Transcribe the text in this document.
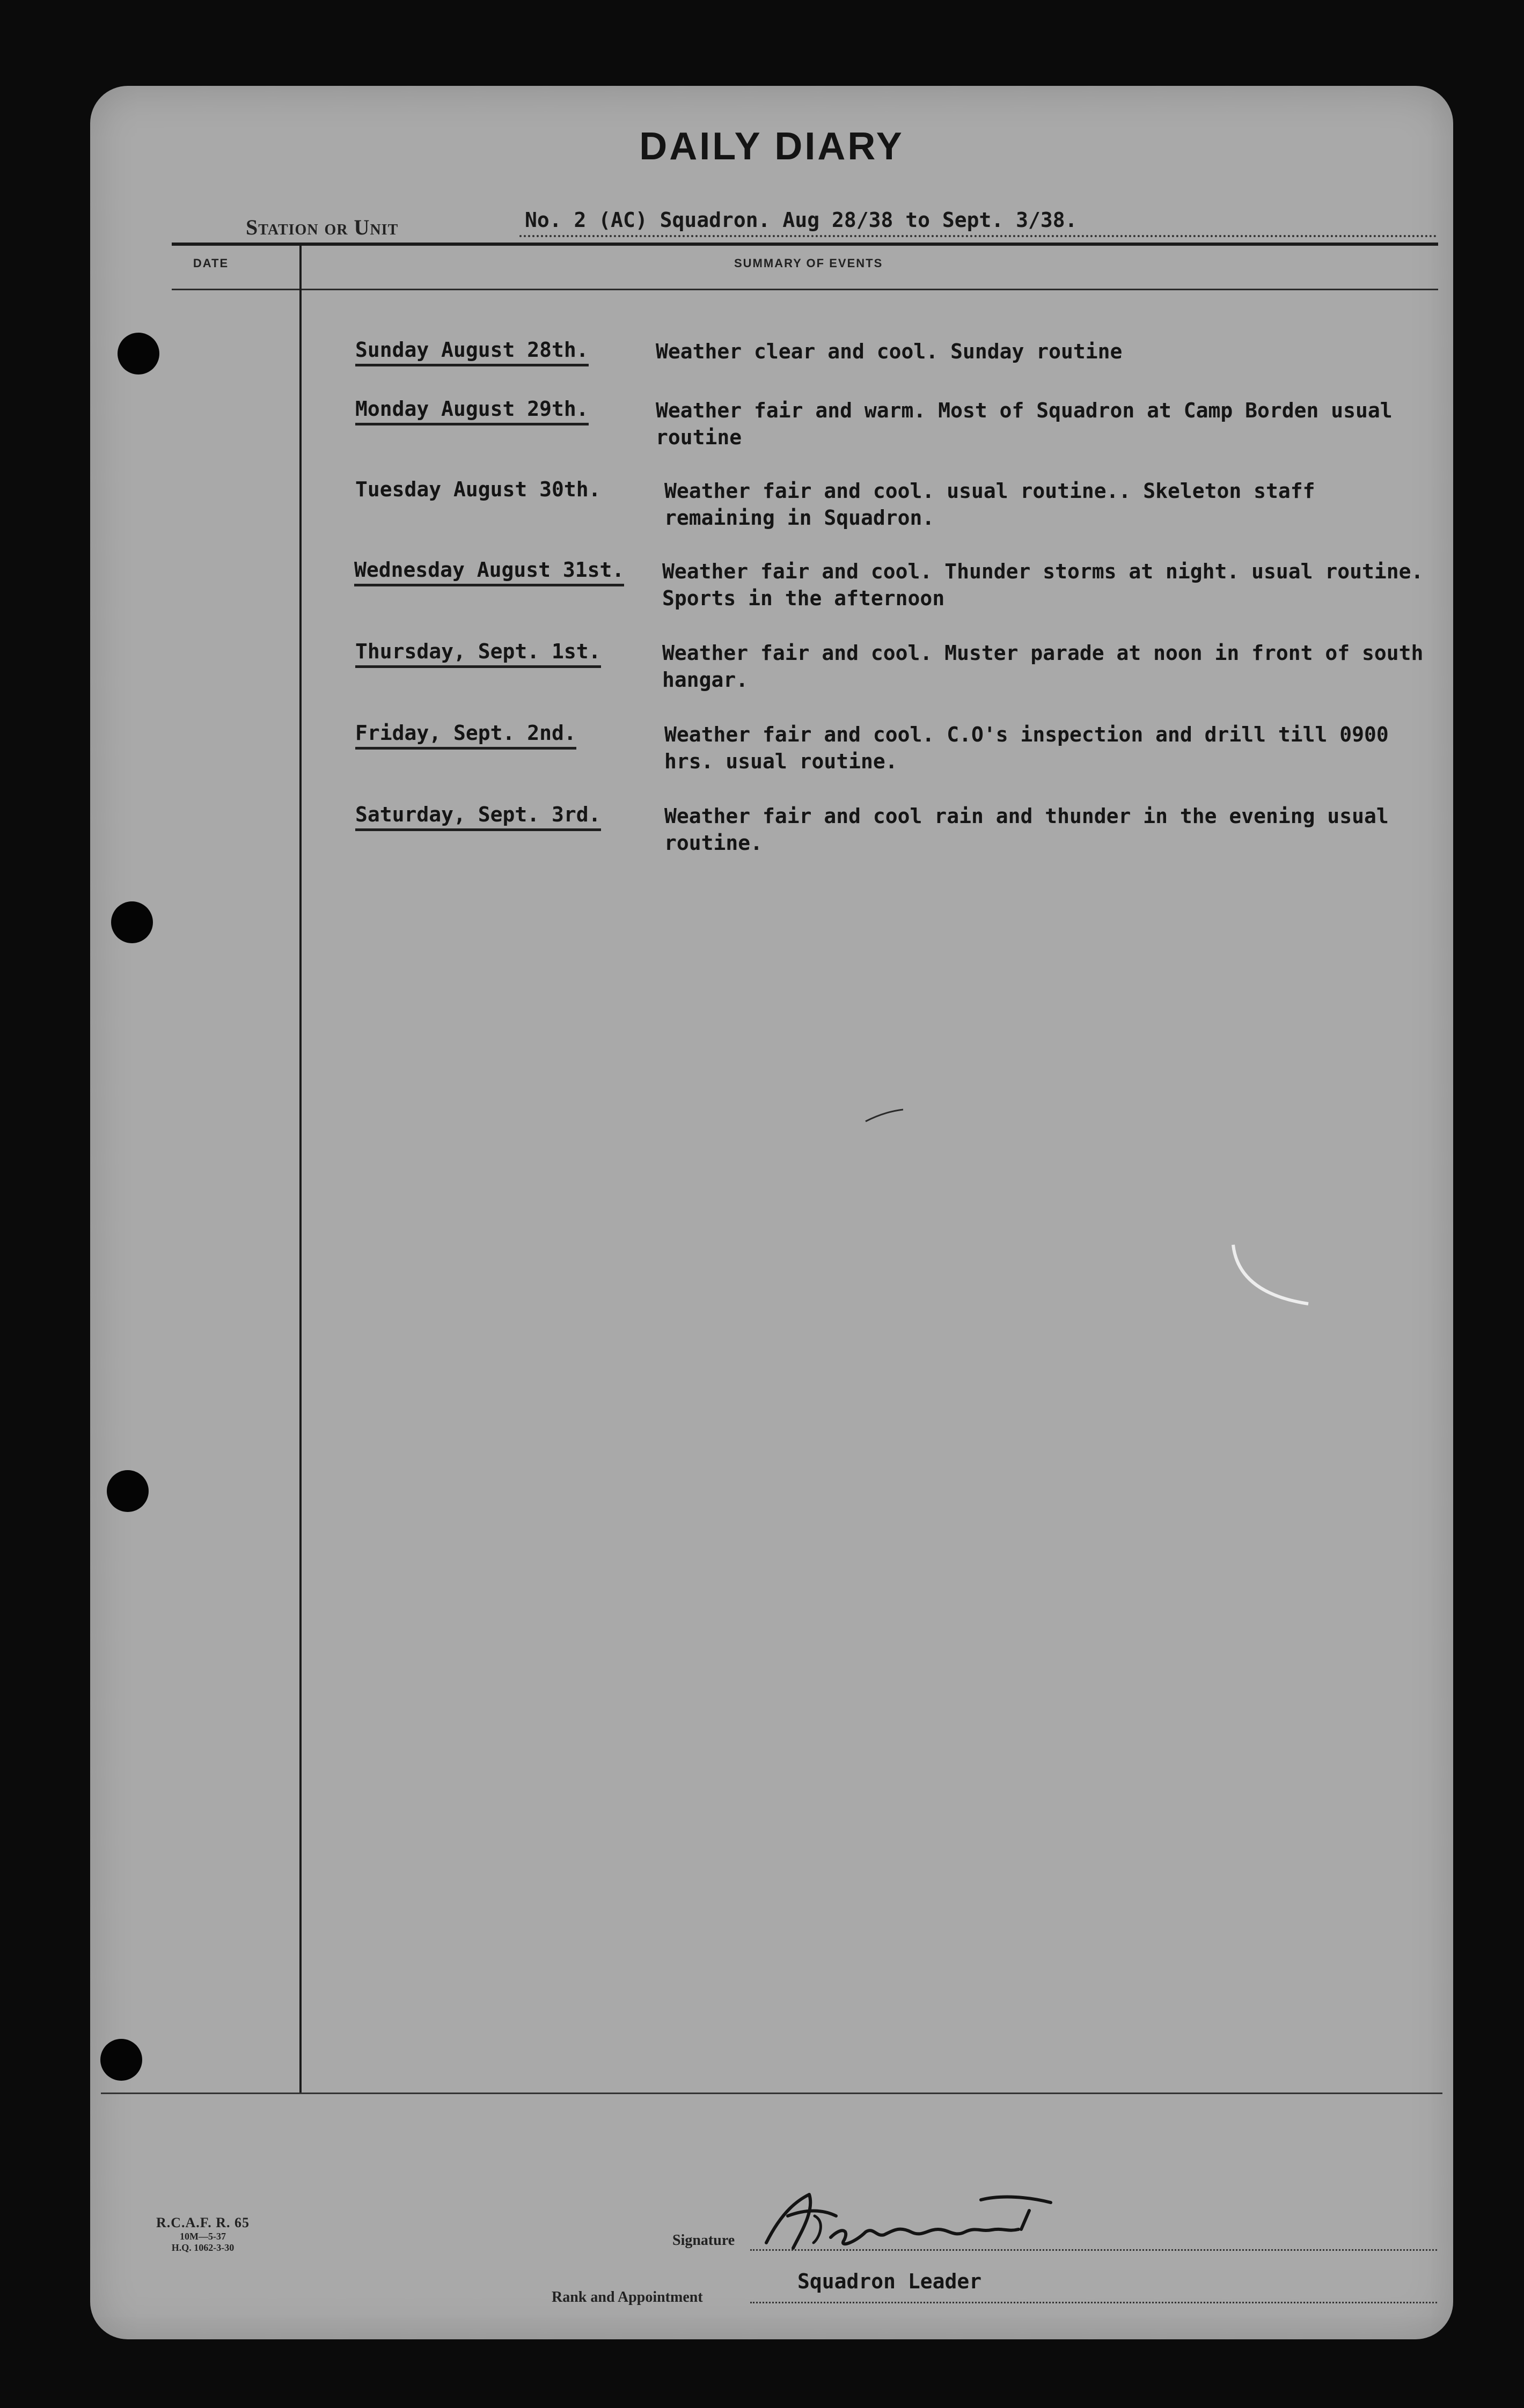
DAILY DIARY
Station or Unit	No. 2 (AC) Squadron. Aug 28/38 to Sept. 3/38.
DATE	SUMMARY OF EVENTS
Sunday August 28th.	Weather clear and cool. Sunday routine
Monday August 29th.	Weather fair and warm. Most of Squadron at Camp Borden usual routine
Tuesday August 30th.	Weather fair and cool. usual routine.. Skeleton staff remaining in Squadron.
Wednesday August 31st. Weather fair and cool. Thunder storms at night. usual routine. Sports in the afternoon
Thursday, Sept. 1st.	Weather fair and cool. Muster parade at noon in front of south hangar.
Friday, Sept. 2nd.	Weather fair and cool. C.O's inspection and drill till 0900 hrs. usual routine.
Saturday, Sept. 3rd.	Weather fair and cool rain and thunder in the evening usual routine.
R.C.A.F. R. 65
10M—5-37
H.Q. 1062-3-30	Signature
Rank and Appointment
Squadron Leader
